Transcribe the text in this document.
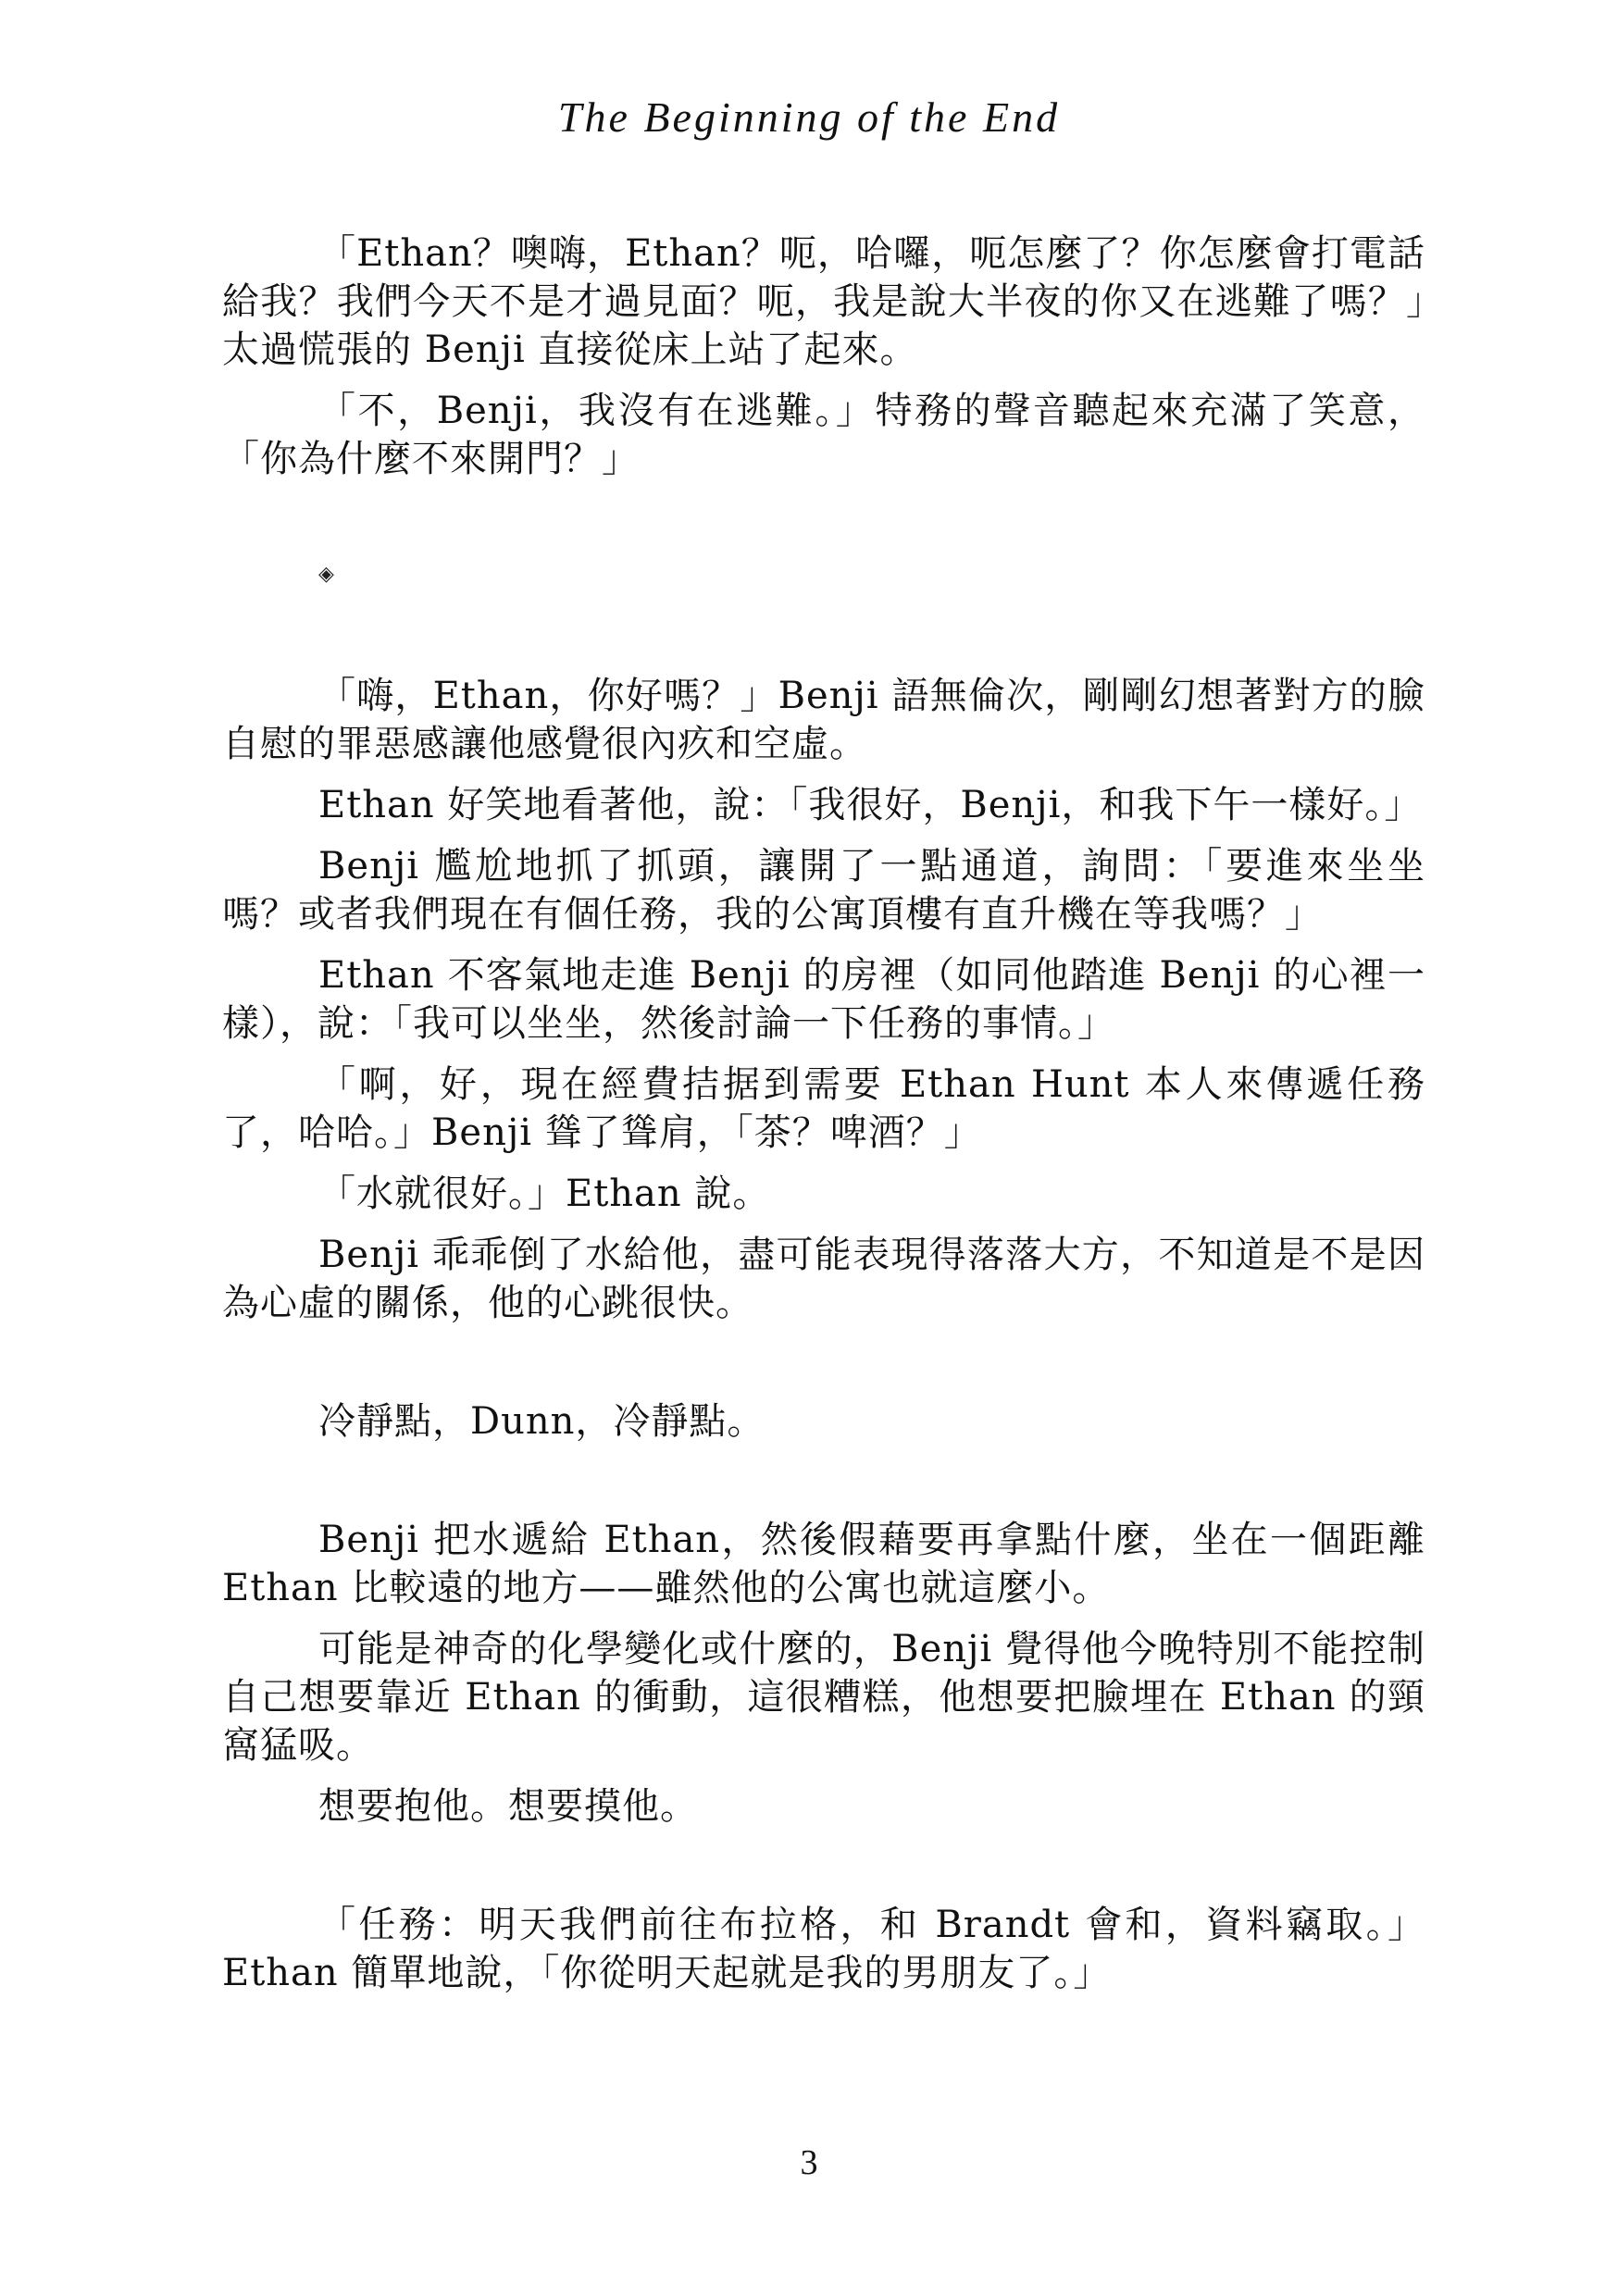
The Beginning of the End

「Ethan？噢嗨，Ethan？呃，哈囉，呃怎麼了？你怎麼會打電話給我？我們今天不是才過見面？呃，我是說大半夜的你又在逃難了嗎？」太過慌張的 Benji 直接從床上站了起來。

「不，Benji，我沒有在逃難。」特務的聲音聽起來充滿了笑意，「你為什麼不來開門？」

◈

「嗨，Ethan，你好嗎？」Benji 語無倫次，剛剛幻想著對方的臉自慰的罪惡感讓他感覺很內疚和空虛。

Ethan 好笑地看著他，說：「我很好，Benji，和我下午一樣好。」

Benji 尷尬地抓了抓頭，讓開了一點通道，詢問：「要進來坐坐嗎？或者我們現在有個任務，我的公寓頂樓有直升機在等我嗎？」

Ethan 不客氣地走進 Benji 的房裡（如同他踏進 Benji 的心裡一樣），說：「我可以坐坐，然後討論一下任務的事情。」

「啊，好，現在經費拮据到需要 Ethan Hunt 本人來傳遞任務了，哈哈。」Benji 聳了聳肩，「茶？啤酒？」

「水就很好。」Ethan 說。

Benji 乖乖倒了水給他，盡可能表現得落落大方，不知道是不是因為心虛的關係，他的心跳很快。

冷靜點，Dunn，冷靜點。

Benji 把水遞給 Ethan，然後假藉要再拿點什麼，坐在一個距離 Ethan 比較遠的地方——雖然他的公寓也就這麼小。

可能是神奇的化學變化或什麼的，Benji 覺得他今晚特別不能控制自己想要靠近 Ethan 的衝動，這很糟糕，他想要把臉埋在 Ethan 的頸窩猛吸。

想要抱他。想要摸他。

「任務：明天我們前往布拉格，和 Brandt 會和，資料竊取。」Ethan 簡單地說，「你從明天起就是我的男朋友了。」

3
